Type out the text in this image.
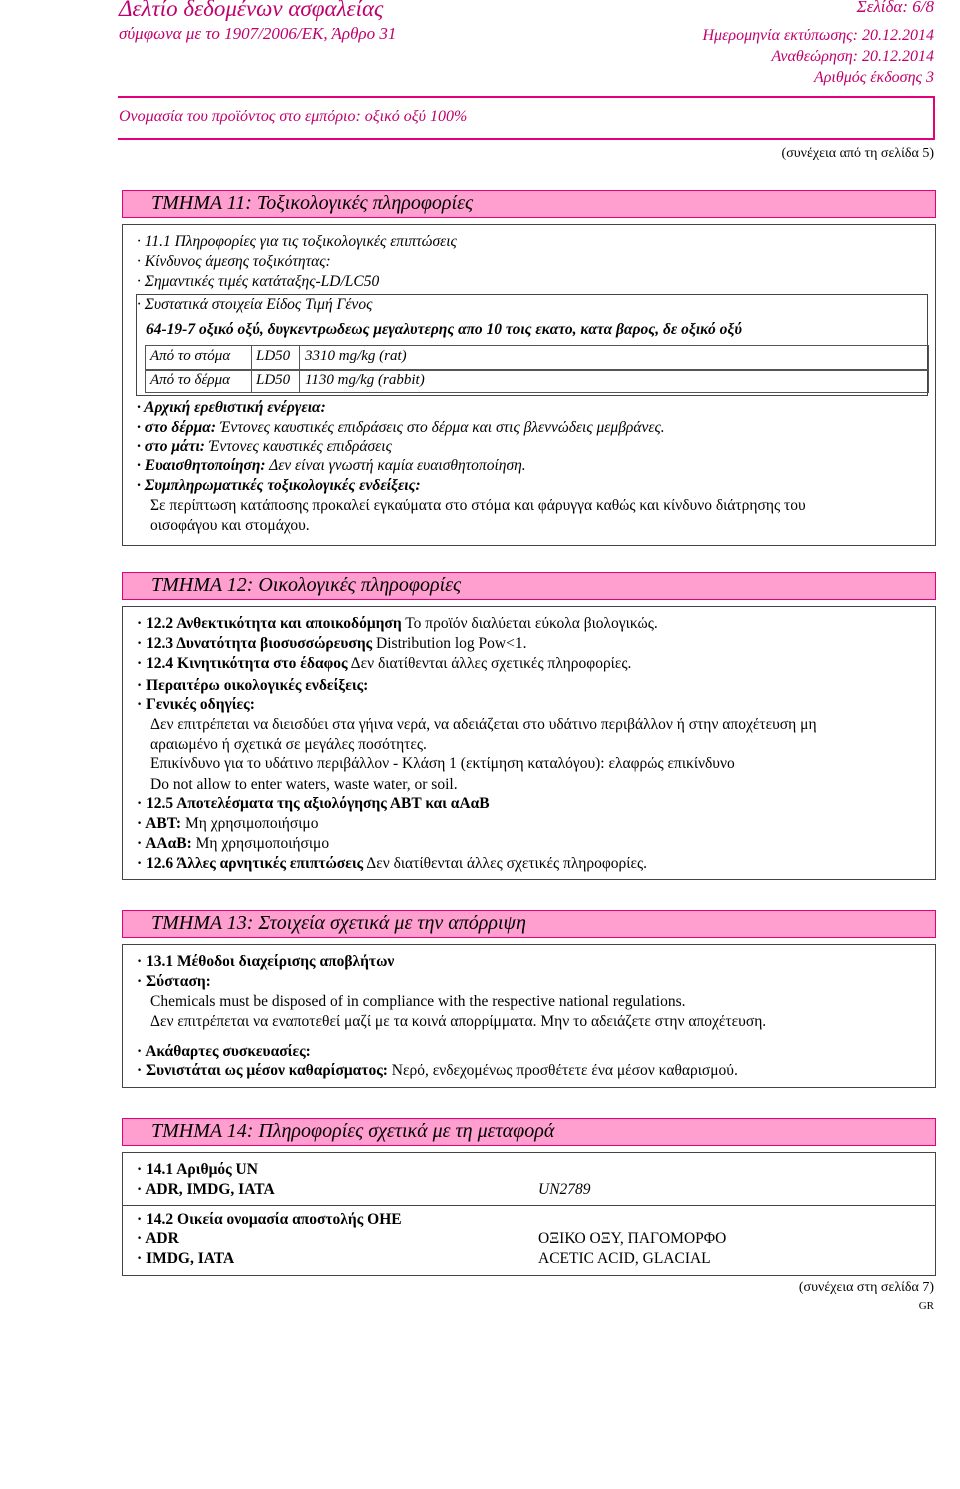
Δελτίο δεδομένων ασφαλείας
σύμφωνα με το 1907/2006/ΕΚ, Άρθρο 31
Σελίδα: 6/8
Ημερομηνία εκτύπωσης: 20.12.2014
Αναθεώρηση: 20.12.2014
Αριθμός έκδοσης 3
Ονομασία του προϊόντος στο εμπόριο: οξικό οξύ 100%
(συνέχεια από τη σελίδα 5)
ΤΜΗΜΑ 11: Τοξικολογικές πληροφορίες
· 11.1 Πληροφορίες για τις τοξικολογικές επιπτώσεις
· Κίνδυνος άμεσης τοξικότητας:
· Σημαντικές τιμές κατάταξης-LD/LC50
· Συστατικά στοιχεία Είδος Τιμή Γένος
64-19-7 οξικό οξύ, δυγκεντρωδεως μεγαλυτερης απο 10 τοις εκατο, κατα βαρος, δε οξικό οξύ
Από το στόμα LD50 3310 mg/kg (rat)
Από το δέρμα LD50 1130 mg/kg (rabbit)
· Αρχική ερεθιστική ενέργεια:
· στο δέρμα: Έντονες καυστικές επιδράσεις στο δέρμα και στις βλεννώδεις μεμβράνες.
· στο μάτι: Έντονες καυστικές επιδράσεις
· Ευαισθητοποίηση: Δεν είναι γνωστή καμία ευαισθητοποίηση.
· Συμπληρωματικές τοξικολογικές ενδείξεις:
Σε περίπτωση κατάποσης προκαλεί εγκαύματα στο στόμα και φάρυγγα καθώς και κίνδυνο διάτρησης του
οισοφάγου και στομάχου.
ΤΜΗΜΑ 12: Οικολογικές πληροφορίες
· 12.2 Ανθεκτικότητα και αποικοδόμηση Το προϊόν διαλύεται εύκολα βιολογικώς.
· 12.3 Δυνατότητα βιοσυσσώρευσης Distribution log Pow<1.
· 12.4 Κινητικότητα στο έδαφος Δεν διατίθενται άλλες σχετικές πληροφορίες.
· Περαιτέρω οικολογικές ενδείξεις:
· Γενικές οδηγίες:
Δεν επιτρέπεται να διεισδύει στα γήινα νερά, να αδειάζεται στο υδάτινο περιβάλλον ή στην αποχέτευση μη
αραιωμένο ή σχετικά σε μεγάλες ποσότητες.
Επικίνδυνο για το υδάτινο περιβάλλον - Κλάση 1 (εκτίμηση καταλόγου): ελαφρώς επικίνδυνο
Do not allow to enter waters, waste water, or soil.
· 12.5 Αποτελέσματα της αξιολόγησης ΑΒΤ και αΑαΒ
· ΑΒΤ: Μη χρησιμοποιήσιμο
· ΑΑαΒ: Μη χρησιμοποιήσιμο
· 12.6 Άλλες αρνητικές επιπτώσεις Δεν διατίθενται άλλες σχετικές πληροφορίες.
ΤΜΗΜΑ 13: Στοιχεία σχετικά με την απόρριψη
· 13.1 Μέθοδοι διαχείρισης αποβλήτων
· Σύσταση:
Chemicals must be disposed of in compliance with the respective national regulations.
Δεν επιτρέπεται να εναποτεθεί μαζί με τα κοινά απορρίμματα. Μην το αδειάζετε στην αποχέτευση.
· Ακάθαρτες συσκευασίες:
· Συνιστάται ως μέσον καθαρίσματος: Νερό, ενδεχομένως προσθέτετε ένα μέσον καθαρισμού.
ΤΜΗΜΑ 14: Πληροφορίες σχετικά με τη μεταφορά
· 14.1 Αριθμός UN
· ADR, IMDG, IATA	UN2789
· 14.2 Οικεία ονομασία αποστολής ΟΗΕ
· ADR	ΟΞΙΚΟ ΟΞΥ, ΠΑΓΟΜΟΡΦΟ
· IMDG, IATA	ACETIC ACID, GLACIAL
(συνέχεια στη σελίδα 7)
GR
